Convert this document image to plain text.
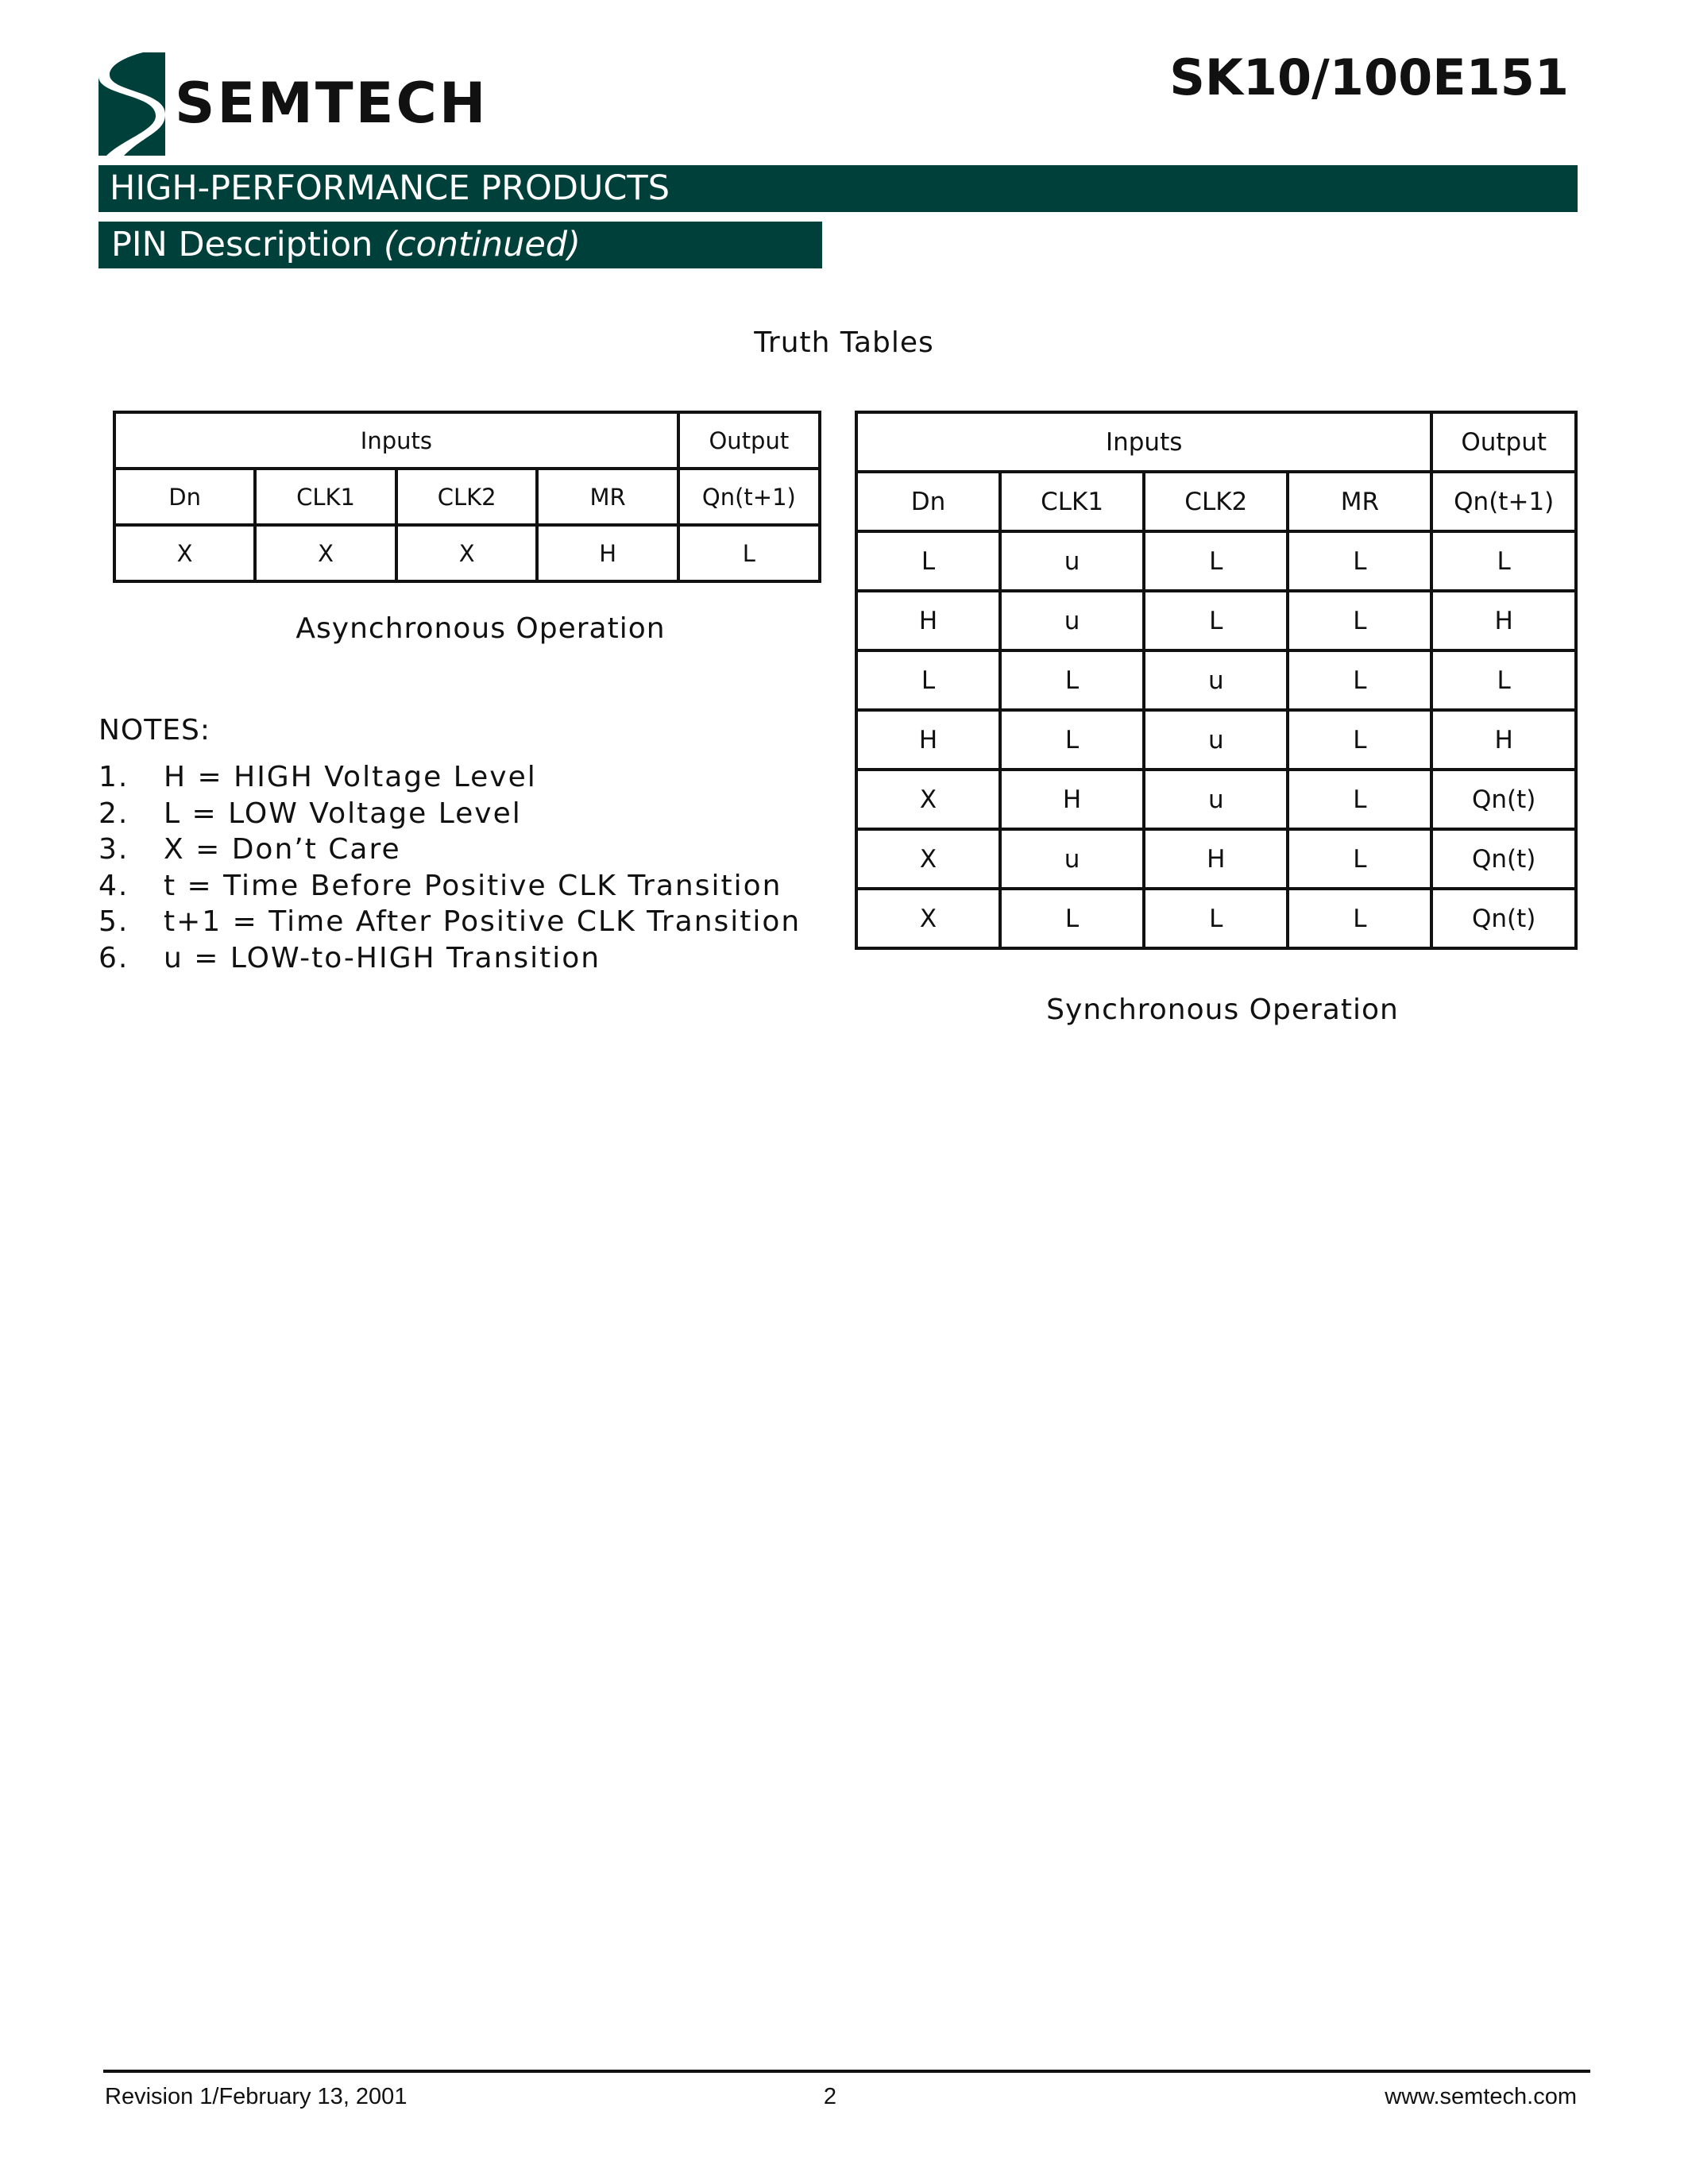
SEMTECH	SK10/100E151
HIGH-PERFORMANCE PRODUCTS
PIN Description (continued)
Truth Tables
Inputs				Output
Dn	CLK1	CLK2	MR	Qn(t+1)
X	X	X	H	L
Asynchronous Operation
Inputs				Output
Dn	CLK1	CLK2	MR	Qn(t+1)
L	u	L	L	L
H	u	L	L	H
L	L	u	L	L
H	L	u	L	H
X	H	u	L	Qn(t)
X	u	H	L	Qn(t)
X	L	L	L	Qn(t)
Synchronous Operation
NOTES:
1. H = HIGH Voltage Level
2. L = LOW Voltage Level
3. X = Don’t Care
4. t = Time Before Positive CLK Transition
5. t+1 = Time After Positive CLK Transition
6. u = LOW-to-HIGH Transition
Revision 1/February 13, 2001	2	www.semtech.com
